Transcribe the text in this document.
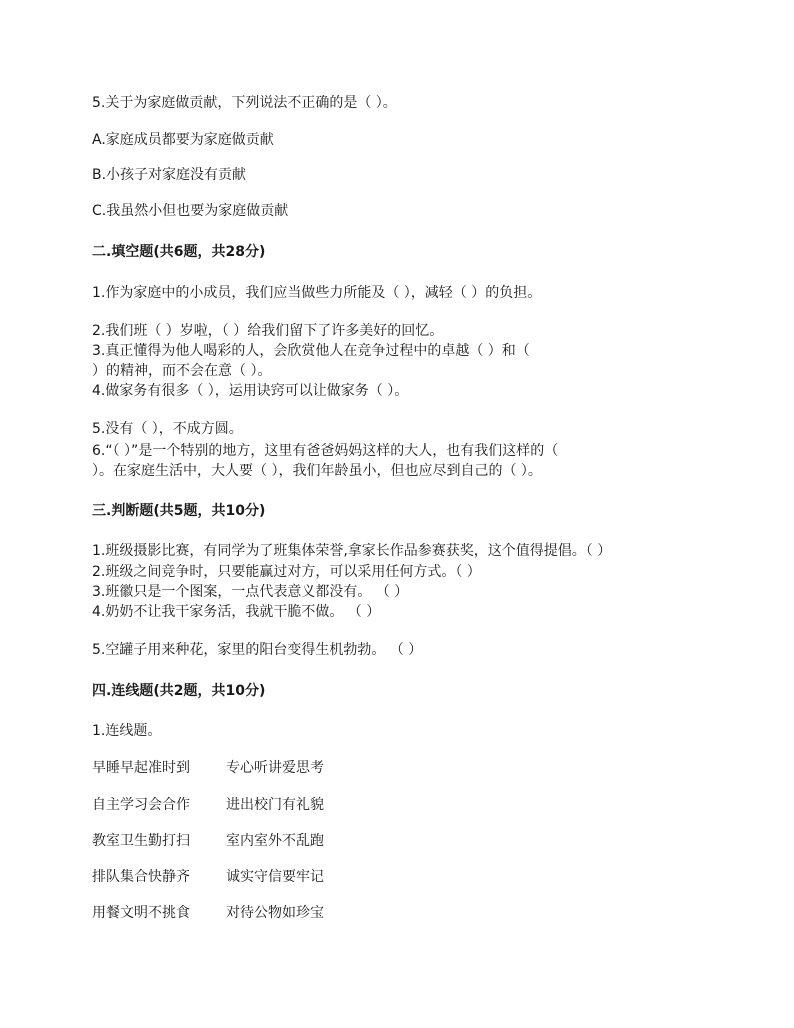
5.关于为家庭做贡献，下列说法不正确的是（ ）。
A.家庭成员都要为家庭做贡献
B.小孩子对家庭没有贡献
C.我虽然小但也要为家庭做贡献
二.填空题(共6题，共28分)
1.作为家庭中的小成员，我们应当做些力所能及（ ），减轻（ ）的负担。
2.我们班（ ）岁啦，（ ）给我们留下了许多美好的回忆。
3.真正懂得为他人喝彩的人，会欣赏他人在竞争过程中的卓越（ ）和（
）的精神，而不会在意（ ）。
4.做家务有很多（ ），运用诀窍可以让做家务（ ）。
5.没有（ ），不成方圆。
6.“（ ）”是一个特别的地方，这里有爸爸妈妈这样的大人，也有我们这样的（
）。在家庭生活中，大人要（ ），我们年龄虽小，但也应尽到自己的（ ）。
三.判断题(共5题，共10分)
1.班级摄影比赛，有同学为了班集体荣誉,拿家长作品参赛获奖，这个值得提倡。（ ）
2.班级之间竞争时，只要能赢过对方，可以采用任何方式。（ ）
3.班徽只是一个图案，一点代表意义都没有。 （ ）
4.奶奶不让我干家务活，我就干脆不做。 （ ）
5.空罐子用来种花，家里的阳台变得生机勃勃。 （ ）
四.连线题(共2题，共10分)
1.连线题。
早睡早起准时到	专心听讲爱思考
自主学习会合作	进出校门有礼貌
教室卫生勤打扫	室内室外不乱跑
排队集合快静齐	诚实守信要牢记
用餐文明不挑食	对待公物如珍宝
